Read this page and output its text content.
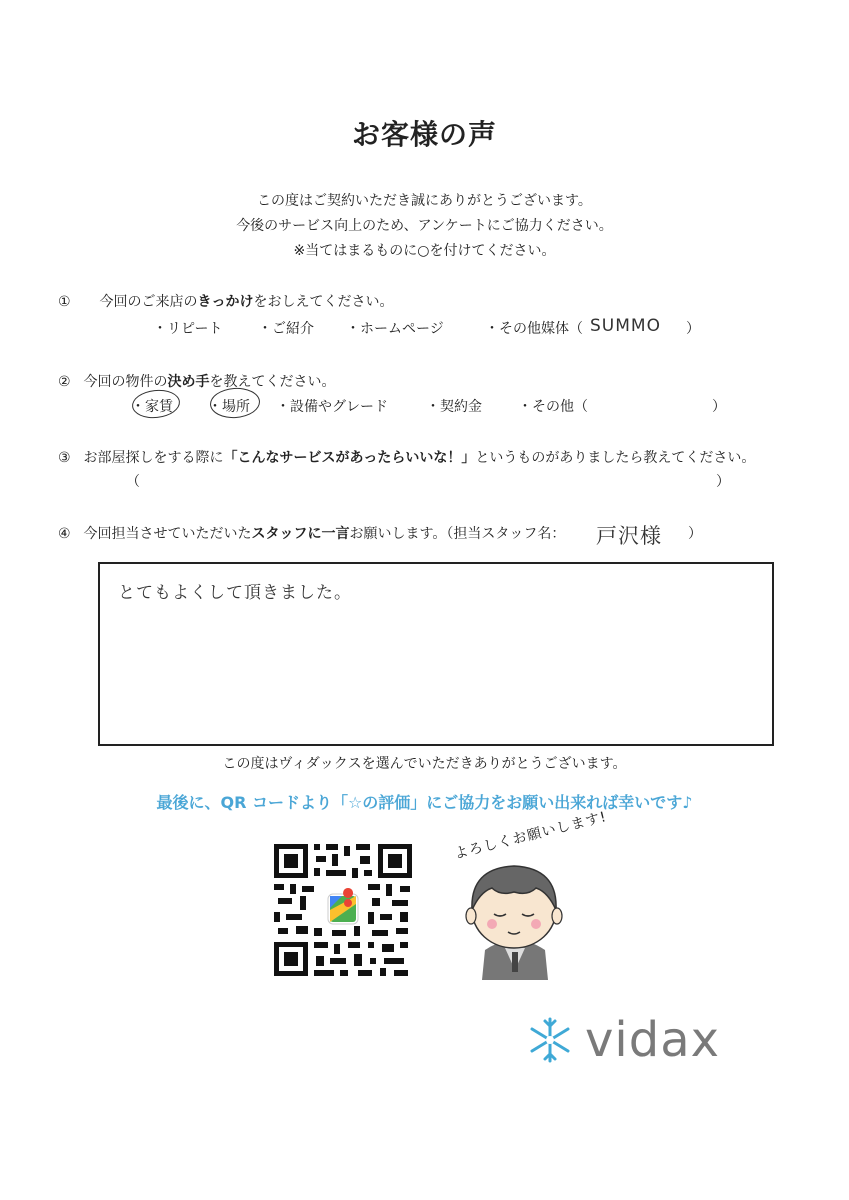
お客様の声
この度はご契約いただき誠にありがとうございます。
今後のサービス向上のため、アンケートにご協力ください。
※当てはまるものに○を付けてください。
① 今回のご来店のきっかけをおしえてください。
・リピート	・ご紹介 ・ホームページ	・その他媒体（ SUMMO ）
② 今回の物件の決め手を教えてください。
・家賃	・場所 ・設備やグレード	・契約金	・その他（	）
③ お部屋探しをする際に「こんなサービスがあったらいいな！」というものがありましたら教えてください。
（	）
④ 今回担当させていただいたスタッフに一言お願いします。（担当スタッフ名： 戸沢様 ）
とてもよくして頂きました。
この度はヴィダックスを選んでいただきありがとうございます。
最後に、QR コードより「☆の評価」にご協力をお願い出来れば幸いです♪
よろしくお願いします!
vidax
